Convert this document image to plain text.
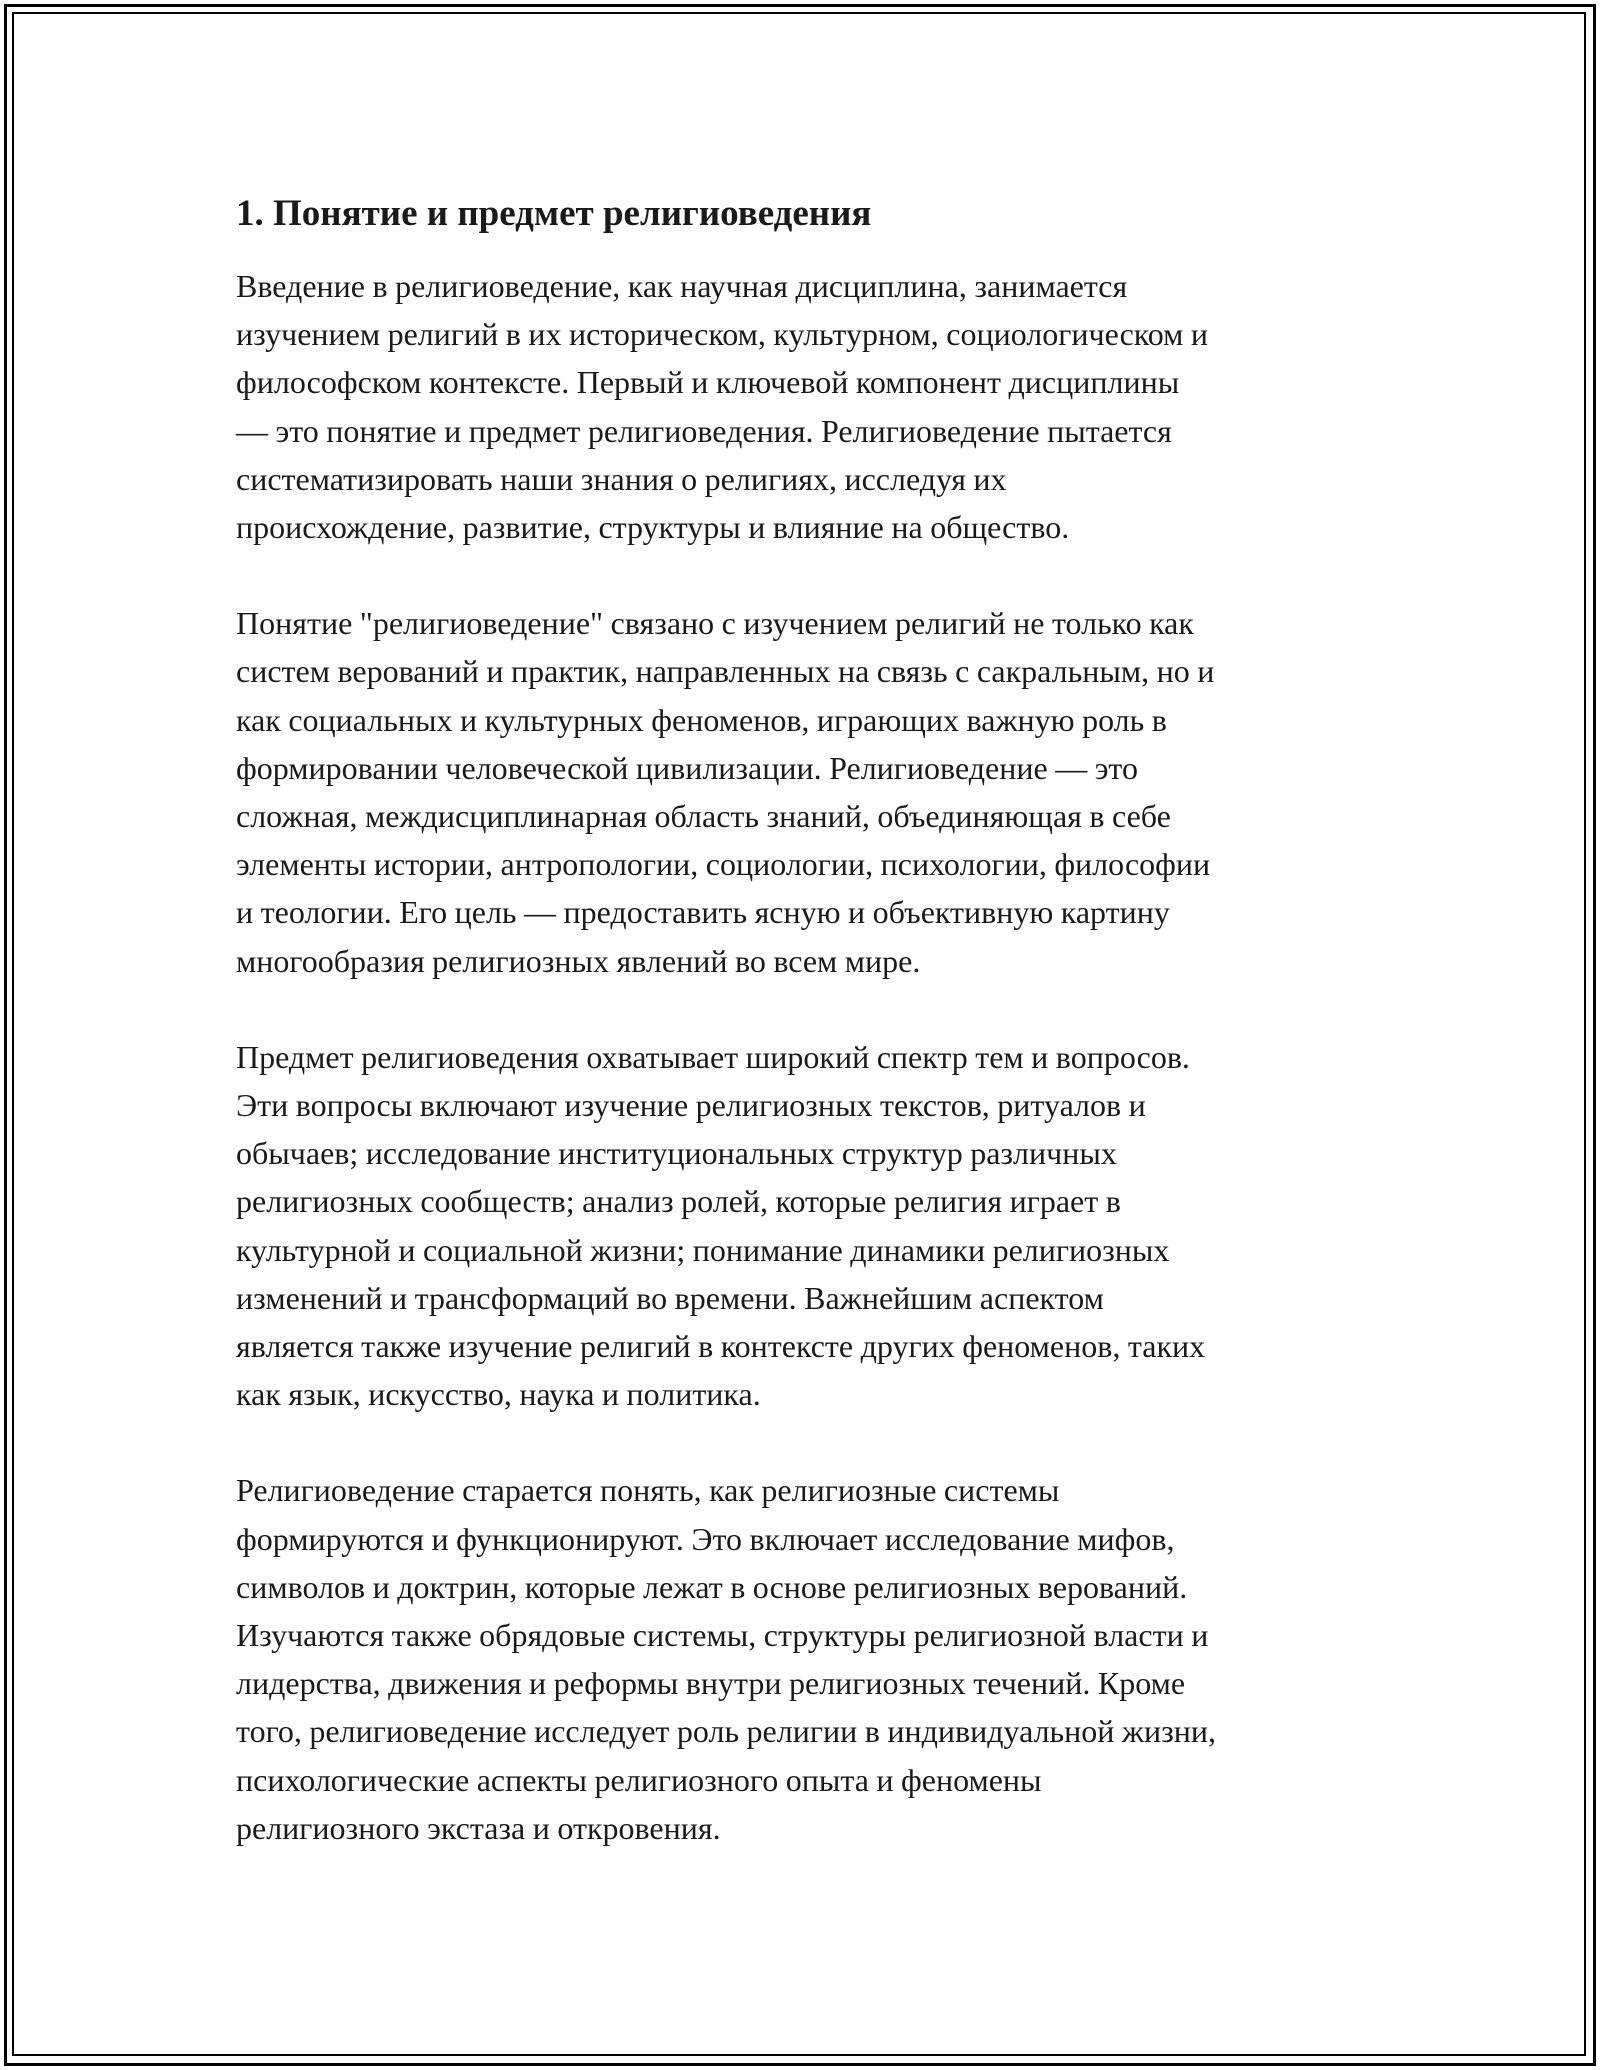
1. Понятие и предмет религиоведения

Введение в религиоведение, как научная дисциплина, занимается
изучением религий в их историческом, культурном, социологическом и
философском контексте. Первый и ключевой компонент дисциплины
— это понятие и предмет религиоведения. Религиоведение пытается
систематизировать наши знания о религиях, исследуя их
происхождение, развитие, структуры и влияние на общество.

Понятие "религиоведение" связано с изучением религий не только как
систем верований и практик, направленных на связь с сакральным, но и
как социальных и культурных феноменов, играющих важную роль в
формировании человеческой цивилизации. Религиоведение — это
сложная, междисциплинарная область знаний, объединяющая в себе
элементы истории, антропологии, социологии, психологии, философии
и теологии. Его цель — предоставить ясную и объективную картину
многообразия религиозных явлений во всем мире.

Предмет религиоведения охватывает широкий спектр тем и вопросов.
Эти вопросы включают изучение религиозных текстов, ритуалов и
обычаев; исследование институциональных структур различных
религиозных сообществ; анализ ролей, которые религия играет в
культурной и социальной жизни; понимание динамики религиозных
изменений и трансформаций во времени. Важнейшим аспектом
является также изучение религий в контексте других феноменов, таких
как язык, искусство, наука и политика.

Религиоведение старается понять, как религиозные системы
формируются и функционируют. Это включает исследование мифов,
символов и доктрин, которые лежат в основе религиозных верований.
Изучаются также обрядовые системы, структуры религиозной власти и
лидерства, движения и реформы внутри религиозных течений. Кроме
того, религиоведение исследует роль религии в индивидуальной жизни,
психологические аспекты религиозного опыта и феномены
религиозного экстаза и откровения.
